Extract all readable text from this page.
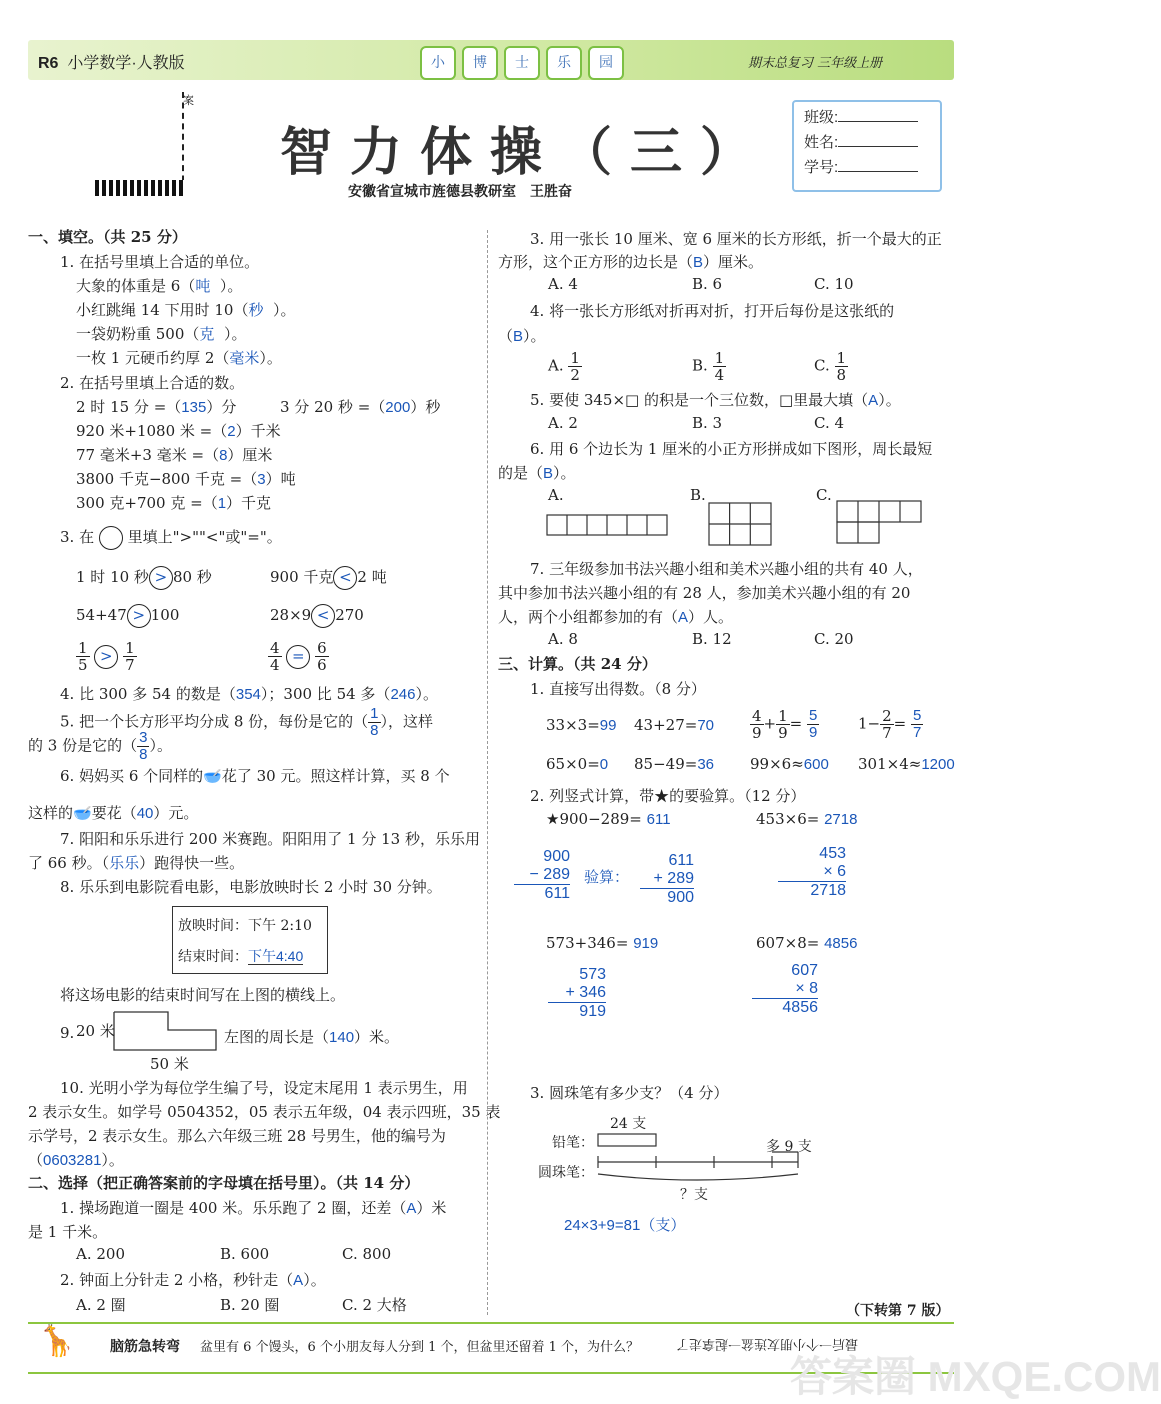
R6 小学数学·人教版	小	博	士	乐	园	期末总复习 三年级上册
案
智力体操（三）
安徽省宣城市旌德县教研室　王胜奋
班级:
姓名:
学号:
一、填空。（共 25 分）
1. 在括号里填上合适的单位。
大象的体重是 6（吨 ）。
小红跳绳 14 下用时 10（秒 ）。
一袋奶粉重 500（克 ）。
一枚 1 元硬币约厚 2（毫米）。
2. 在括号里填上合适的数。
2 时 15 分 =（135）分	3 分 20 秒 =（200）秒
920 米+1080 米 =（2）千米
77 毫米+3 毫米 =（8）厘米
3800 千克−800 千克 =（3）吨
300 克+700 克 =（1）千克
3. 在 里填上">""<"或"="。
1 时 10 秒 > 80 秒	900 千克 < 2 吨
54+47 > 100	28×9 < 270
$\frac{1}{5} > \frac{1}{7}$	$\frac{4}{4} = \frac{6}{6}$
4. 比 300 多 54 的数是（354）；300 比 54 多（246）。
5. 把一个长方形平均分成 8 份，每份是它的（ $\frac{1}{8}$ ），这样
的 3 份是它的（ $\frac{3}{8}$ ）。
6. 妈妈买 6 个同样的🥣花了 30 元。照这样计算，买 8 个
这样的🥣要花（40）元。
7. 阳阳和乐乐进行 200 米赛跑。阳阳用了 1 分 13 秒，乐乐用
了 66 秒。（乐乐）跑得快一些。
8. 乐乐到电影院看电影，电影放映时长 2 小时 30 分钟。
放映时间：下午 2:10
结束时间：下午4:40
将这场电影的结束时间写在上图的横线上。
9. 20 米
50 米
左图的周长是（140）米。
10. 光明小学为每位学生编了号，设定末尾用 1 表示男生，用
2 表示女生。如学号 0504352，05 表示五年级，04 表示四班，35 表
示学号，2 表示女生。那么六年级三班 28 号男生，他的编号为
（0603281）。
二、选择（把正确答案前的字母填在括号里）。（共 14 分）
1. 操场跑道一圈是 400 米。乐乐跑了 2 圈，还差（A）米
是 1 千米。
A. 200	B. 600	C. 800
2. 钟面上分针走 2 小格，秒针走（A）。
A. 2 圈	B. 20 圈	C. 2 大格
3. 用一张长 10 厘米、宽 6 厘米的长方形纸，折一个最大的正
方形，这个正方形的边长是（B）厘米。
A. 4	B. 6	C. 10
4. 将一张长方形纸对折再对折，打开后每份是这张纸的
（B）。
A. $\frac{1}{2}$	B. $\frac{1}{4}$	C. $\frac{1}{8}$
5. 要使 345×□ 的积是一个三位数，□里最大填（A）。
A. 2	B. 3	C. 4
6. 用 6 个边长为 1 厘米的小正方形拼成如下图形，周长最短
的是（B）。
A.	B.	C.
7. 三年级参加书法兴趣小组和美术兴趣小组的共有 40 人，
其中参加书法兴趣小组的有 28 人，参加美术兴趣小组的有 20
人，两个小组都参加的有（A）人。
A. 8	B. 12	C. 20
三、计算。（共 24 分）
1. 直接写出得数。（8 分）
33×3=99 $43+27=70 \frac{4}{9} + \frac{1}{9} = \frac{5}{9}$	$1- \frac{2}{7} = \frac{5}{7}$
65×0=0 85−49=36 99×6≈600 301×4≈1200
2. 列竖式计算，带★的要验算。（12 分）
★900−289= 611	453×6= 2718
900
− 289
611
验算：
611
+ 289
900
453
× 6
2718
573+346= 919	607×8= 4856
573
+ 346
919
607
× 8
4856
3. 圆珠笔有多少支？（4 分）
24 支
铅笔：	多 9 支
圆珠笔：
？支
24×3+9=81（支）
（下转第 7 版）
🦒 脑筋急转弯 盆里有 6 个馒头，6 个小朋友每人分到 1 个，但盆里还留着 1 个，为什么？	最后一个小朋友连盆一起拿走了
答案圈 MXQE.COM
